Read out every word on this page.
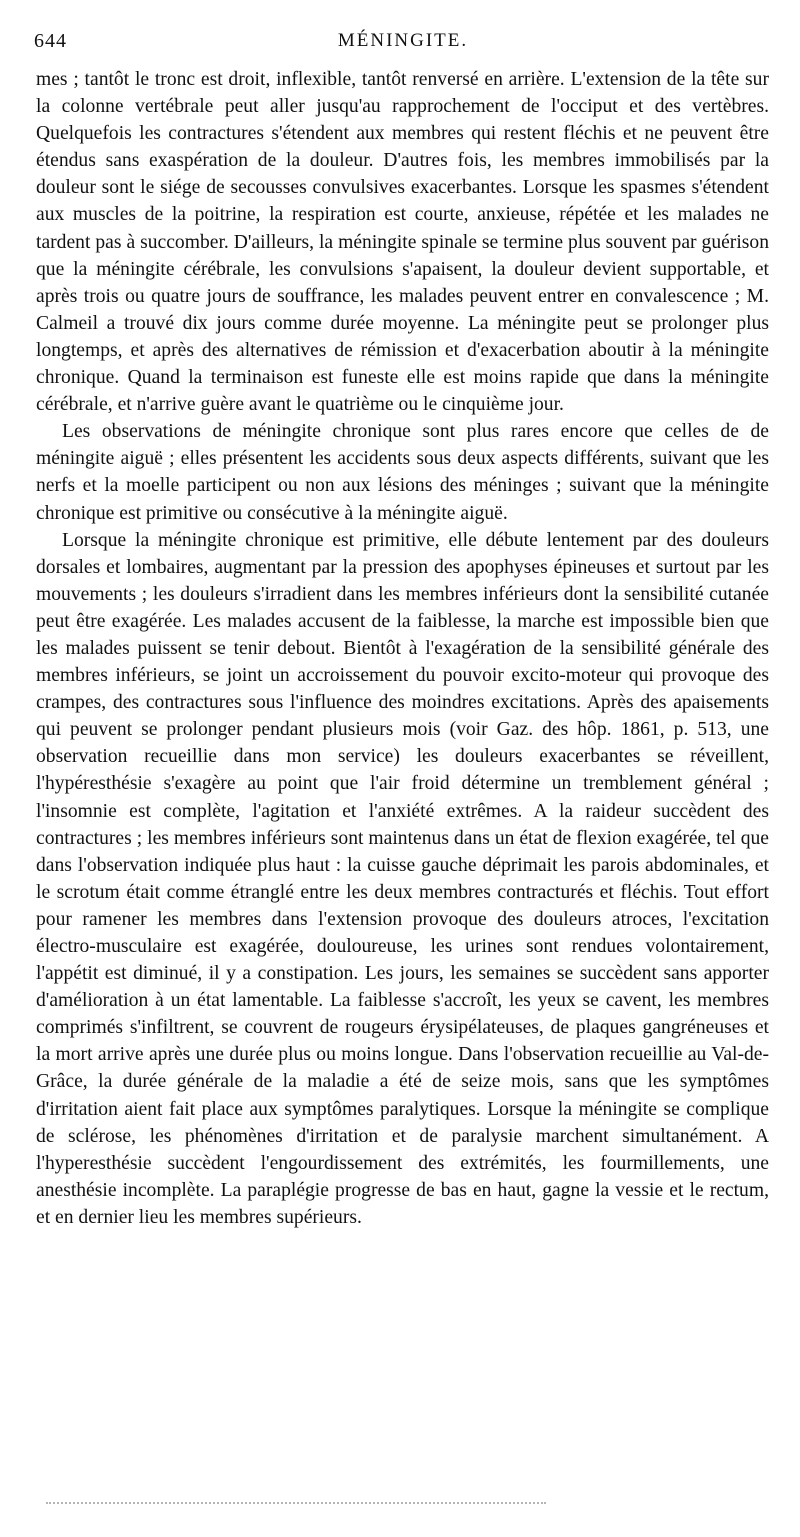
644	MÉNINGITE.

mes ; tantôt le tronc est droit, inflexible, tantôt renversé en arrière. L'extension de la tête sur la colonne vertébrale peut aller jusqu'au rapprochement de l'occiput et des vertèbres. Quelquefois les contractures s'étendent aux membres qui restent fléchis et ne peuvent être étendus sans exaspération de la douleur. D'autres fois, les membres immobilisés par la douleur sont le siége de secousses convulsives exacerbantes. Lorsque les spasmes s'étendent aux muscles de la poitrine, la respiration est courte, anxieuse, répétée et les malades ne tardent pas à succomber. D'ailleurs, la méningite spinale se termine plus souvent par guérison que la méningite cérébrale, les convulsions s'apaisent, la douleur devient supportable, et après trois ou quatre jours de souffrance, les malades peuvent entrer en convalescence ; M. Calmeil a trouvé dix jours comme durée moyenne. La méningite peut se prolonger plus longtemps, et après des alternatives de rémission et d'exacerbation aboutir à la méningite chronique. Quand la terminaison est funeste elle est moins rapide que dans la méningite cérébrale, et n'arrive guère avant le quatrième ou le cinquième jour.

Les observations de méningite chronique sont plus rares encore que celles de de méningite aiguë ; elles présentent les accidents sous deux aspects différents, suivant que les nerfs et la moelle participent ou non aux lésions des méninges ; suivant que la méningite chronique est primitive ou consécutive à la méningite aiguë.

Lorsque la méningite chronique est primitive, elle débute lentement par des douleurs dorsales et lombaires, augmentant par la pression des apophyses épineuses et surtout par les mouvements ; les douleurs s'irradient dans les membres inférieurs dont la sensibilité cutanée peut être exagérée. Les malades accusent de la faiblesse, la marche est impossible bien que les malades puissent se tenir debout. Bientôt à l'exagération de la sensibilité générale des membres inférieurs, se joint un accroissement du pouvoir excito-moteur qui provoque des crampes, des contractures sous l'influence des moindres excitations. Après des apaisements qui peuvent se prolonger pendant plusieurs mois (voir Gaz. des hôp. 1861, p. 513, une observation recueillie dans mon service) les douleurs exacerbantes se réveillent, l'hypéresthésie s'exagère au point que l'air froid détermine un tremblement général ; l'insomnie est complète, l'agitation et l'anxiété extrêmes. A la raideur succèdent des contractures ; les membres inférieurs sont maintenus dans un état de flexion exagérée, tel que dans l'observation indiquée plus haut : la cuisse gauche déprimait les parois abdominales, et le scrotum était comme étranglé entre les deux membres contracturés et fléchis. Tout effort pour ramener les membres dans l'extension provoque des douleurs atroces, l'excitation électro-musculaire est exagérée, douloureuse, les urines sont rendues volontairement, l'appétit est diminué, il y a constipation. Les jours, les semaines se succèdent sans apporter d'amélioration à un état lamentable. La faiblesse s'accroît, les yeux se cavent, les membres comprimés s'infiltrent, se couvrent de rougeurs érysipélateuses, de plaques gangréneuses et la mort arrive après une durée plus ou moins longue. Dans l'observation recueillie au Val-de-Grâce, la durée générale de la maladie a été de seize mois, sans que les symptômes d'irritation aient fait place aux symptômes paralytiques. Lorsque la méningite se complique de sclérose, les phénomènes d'irritation et de paralysie marchent simultanément. A l'hyperesthésie succèdent l'engourdissement des extrémités, les fourmillements, une anesthésie incomplète. La paraplégie progresse de bas en haut, gagne la vessie et le rectum, et en dernier lieu les membres supérieurs.
